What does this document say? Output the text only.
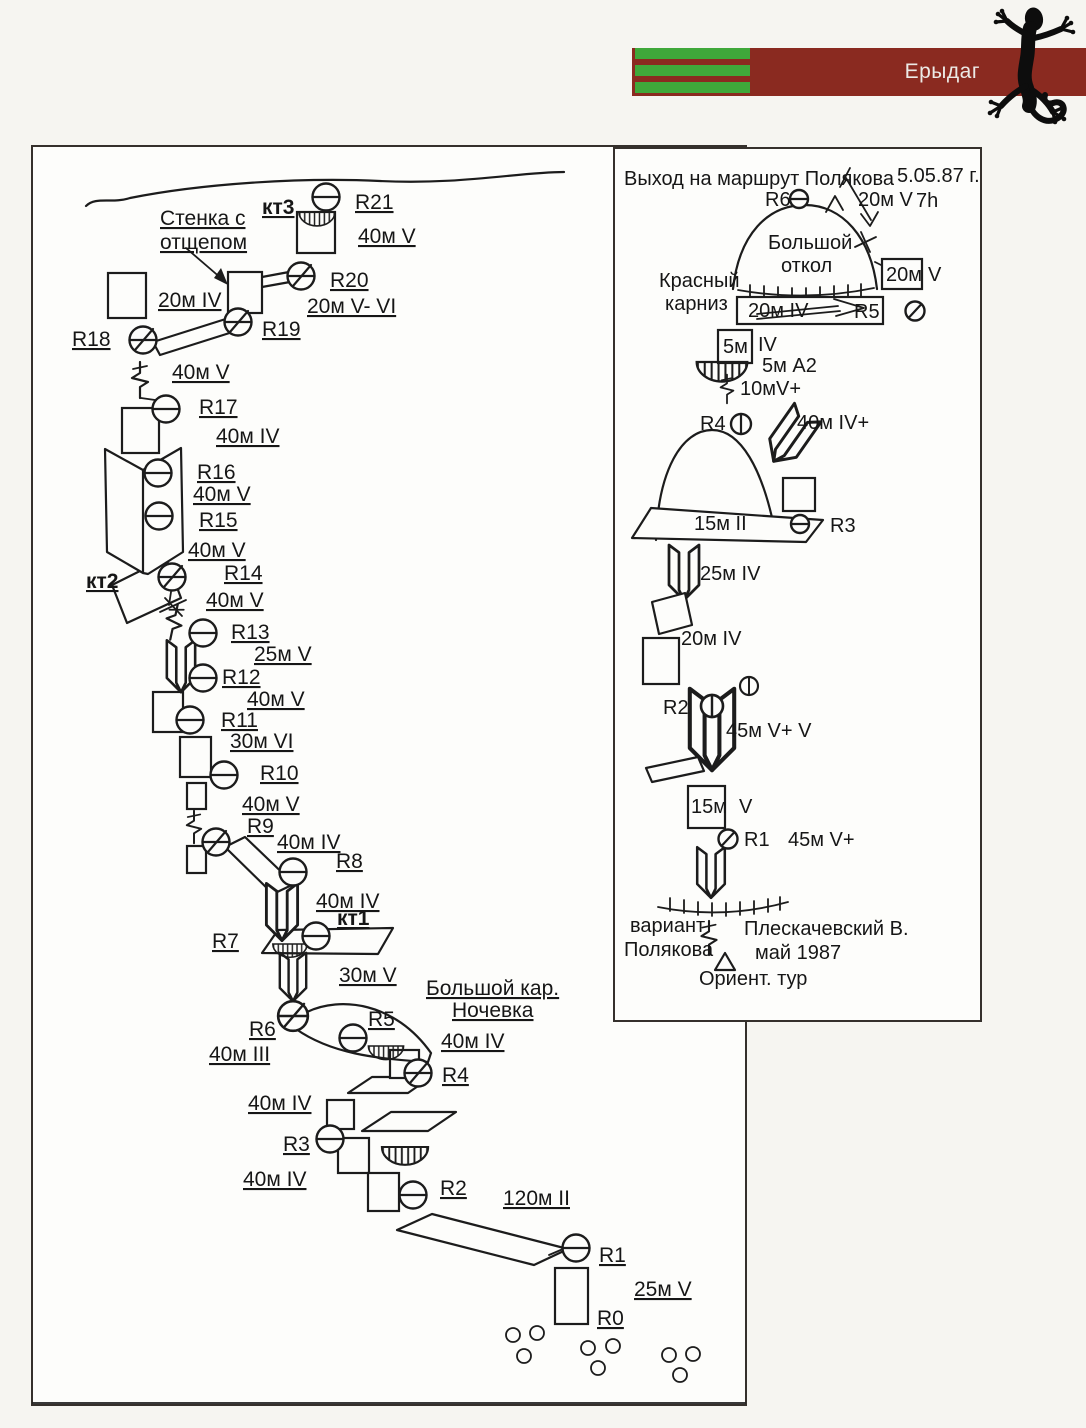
Ерыдаг
Стенка с
отщепом
кт3	R21
40м V
R20
20м V- VI
20м IV
R18	R19
40м V
R17
40м IV
R16
40м V
R15
40м V
кт2	R14
40м V
R13
25м V
R12
40м V
R11
30м VI
R10
40м V
R9
40м IV
R8
40м IV
кт1
R7
30м V
Большой кар.
Ночевка
R6
40м III
R5
40м IV
R4
40м IV
R3
40м IV	R2 120м II
R1
25м V
R0
Выход на маршрут Полякова 5.05.87 г.
7h
R6	20м V
Большой
откол
Красный
карниз
20м V
20м IV R5
5м IV
5м A2
10мV+
R4	40м IV+
15м II	R3
25м IV
20м IV
R2
45м V+ V
15м V
R1 45м V+
вариант
Полякова
Плескачевский В.
май 1987
Ориент. тур
